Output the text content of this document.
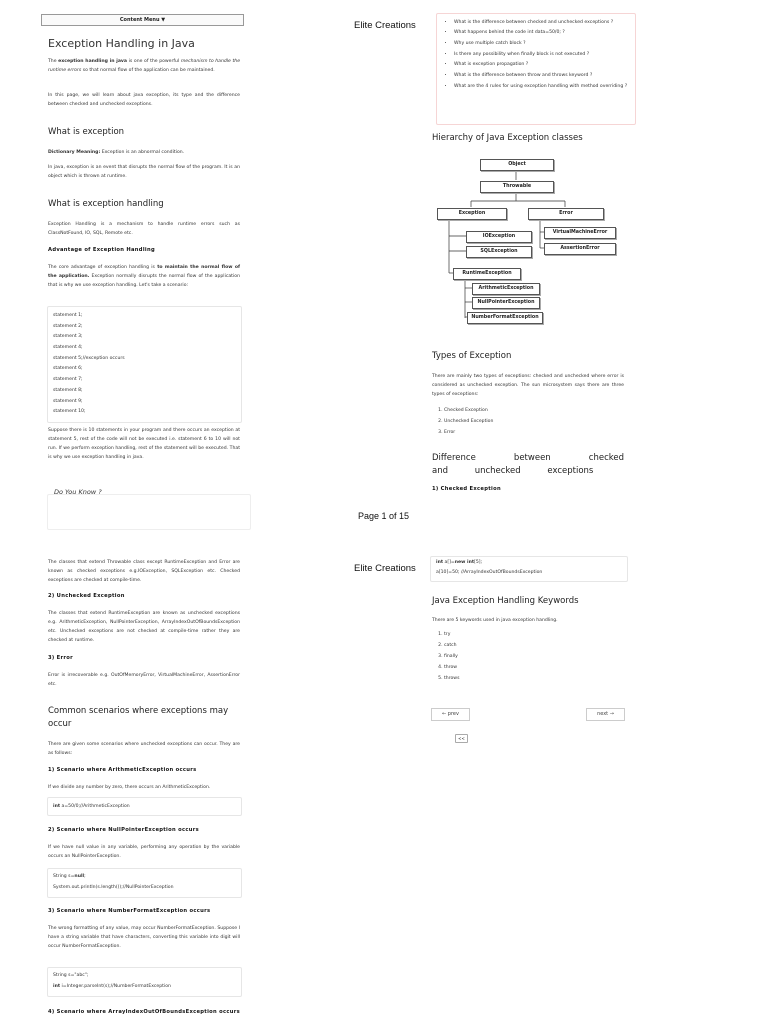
Content Menu ▼	Elite Creations
Exception Handling in Java

The exception handling in java is one of the powerful mechanism to handle the runtime errors so that normal flow of the application can be maintained.

In this page, we will learn about java exception, its type and the difference between checked and unchecked exceptions.

What is exception

Dictionary Meaning: Exception is an abnormal condition.

In java, exception is an event that disrupts the normal flow of the program. It is an object which is thrown at runtime.

What is exception handling

Exception Handling is a mechanism to handle runtime errors such as ClassNotFound, IO, SQL, Remote etc.

Advantage of Exception Handling

The core advantage of exception handling is to maintain the normal flow of the application. Exception normally disrupts the normal flow of the application that is why we use exception handling. Let's take a scenario:

statement 1;
statement 2;
statement 3;
statement 4;
statement 5;//exception occurs
statement 6;
statement 7;
statement 8;
statement 9;
statement 10;

Suppose there is 10 statements in your program and there occurs an exception at statement 5, rest of the code will not be executed i.e. statement 6 to 10 will not run. If we perform exception handling, rest of the statement will be executed. That is why we use exception handling in java.

Do You Know ?
• What is the difference between checked and unchecked exceptions ?
• What happens behind the code int data=50/0; ?
• Why use multiple catch block ?
• Is there any possibility when finally block is not executed ?
• What is exception propagation ?
• What is the difference between throw and throws keyword ?
• What are the 4 rules for using exception handling with method overriding ?
Hierarchy of Java Exception classes
Object
Throwable
Exception	Error
IOException
SQLException
VirtualMachineError
AssertionError
RuntimeException
ArithmeticException
NullPointerException
NumberFormatException
Types of Exception

There are mainly two types of exceptions: checked and unchecked where error is considered as unchecked exception. The sun microsystem says there are three types of exceptions:

1. Checked Exception
2. Unchecked Exception
3. Error
Difference between checked and unchecked exceptions
1) Checked Exception
Page 1 of 15
Elite Creations

The classes that extend Throwable class except RuntimeException and Error are known as checked exceptions e.g.IOException, SQLException etc. Checked exceptions are checked at compile-time.

2) Unchecked Exception

The classes that extend RuntimeException are known as unchecked exceptions e.g. ArithmeticException, NullPointerException, ArrayIndexOutOfBoundsException etc. Unchecked exceptions are not checked at compile-time rather they are checked at runtime.

3) Error

Error is irrecoverable e.g. OutOfMemoryError, VirtualMachineError, AssertionError etc.

Common scenarios where exceptions may occur

There are given some scenarios where unchecked exceptions can occur. They are as follows:

1) Scenario where ArithmeticException occurs

If we divide any number by zero, there occurs an ArithmeticException.

int a=50/0;//ArithmeticException
2) Scenario where NullPointerException occurs

If we have null value in any variable, performing any operation by the variable occurs an NullPointerException.

String s=null;
System.out.println(s.length());//NullPointerException
3) Scenario where NumberFormatException occurs

The wrong formatting of any value, may occur NumberFormatException. Suppose I have a string variable that have characters, converting this variable into digit will occur NumberFormatException.

String s="abc";
int i=Integer.parseInt(s);//NumberFormatException
4) Scenario where ArrayIndexOutOfBoundsException occurs
int a[]=new int[5];
a[10]=50; //ArrayIndexOutOfBoundsException
Java Exception Handling Keywords

There are 5 keywords used in java exception handling.

1. try
2. catch
3. finally
4. throw
5. throws
← prev	next →
<<
